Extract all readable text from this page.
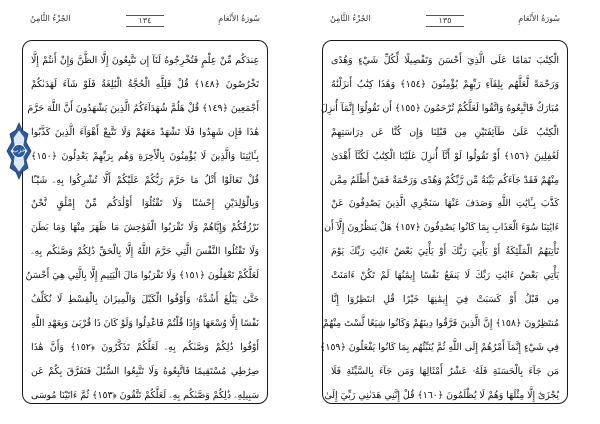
سُورَةُ الأَنْعَامِ
١٣٤
الجُزْءُ الثَّامِنُ	سُورَةُ الأَنْعَامِ
١٣٥
الجُزْءُ الثَّامِنُ
عِندَكُم مِّنْ عِلْمٍ فَتُخْرِجُوهُ لَنَآ إِن تَتَّبِعُونَ إِلَّا الظَّنَّ وَإِنْ أَنتُمْ إِلَّا
تَخْرُصُونَ ﴿١٤٨﴾ قُلْ فَلِلَّهِ الْحُجَّةُ الْبَٰلِغَةُ فَلَوْ شَآءَ لَهَدَىٰكُمْ
أَجْمَعِينَ ﴿١٤٩﴾ قُلْ هَلُمَّ شُهَدَآءَكُمُ الَّذِينَ يَشْهَدُونَ أَنَّ اللَّهَ حَرَّمَ
هَٰذَا فَإِن شَهِدُوا فَلَا تَشْهَدْ مَعَهُمْ وَلَا تَتَّبِعْ أَهْوَآءَ الَّذِينَ كَذَّبُوا
بِـَٔايَٰتِنَا وَالَّذِينَ لَا يُؤْمِنُونَ بِالْأَخِرَةِ وَهُم بِرَبِّهِمْ يَعْدِلُونَ ﴿١٥٠﴾
قُلْ تَعَالَوْا أَتْلُ مَا حَرَّمَ رَبُّكُمْ عَلَيْكُمْ أَلَّا تُشْرِكُوا بِهِۦ شَيْـًٔا
وَبِالْوَٰلِدَيْنِ إِحْسَٰنًا وَلَا تَقْتُلُوٓا أَوْلَٰدَكُم مِّنْ إِمْلَٰقٍ نَّحْنُ
نَرْزُقُكُمْ وَإِيَّاهُمْ وَلَا تَقْرَبُوا الْفَوَٰحِشَ مَا ظَهَرَ مِنْهَا وَمَا بَطَنَ
وَلَا تَقْتُلُوا النَّفْسَ الَّتِي حَرَّمَ اللَّهُ إِلَّا بِالْحَقِّ ذَٰلِكُمْ وَصَّىٰكُم بِهِۦ
لَعَلَّكُمْ تَعْقِلُونَ ﴿١٥١﴾ وَلَا تَقْرَبُوا مَالَ الْيَتِيمِ إِلَّا بِالَّتِي هِيَ أَحْسَنُ
حَتَّىٰ يَبْلُغَ أَشُدَّهُۥ وَأَوْفُوا الْكَيْلَ وَالْمِيزَانَ بِالْقِسْطِ لَا نُكَلِّفُ
نَفْسًا إِلَّا وُسْعَهَا وَإِذَا قُلْتُمْ فَاعْدِلُوا وَلَوْ كَانَ ذَا قُرْبَىٰ وَبِعَهْدِ اللَّهِ
أَوْفُوا ذَٰلِكُمْ وَصَّىٰكُم بِهِۦ لَعَلَّكُمْ تَذَكَّرُونَ ﴿١٥٢﴾ وَأَنَّ هَٰذَا
صِرَٰطِي مُسْتَقِيمًا فَاتَّبِعُوهُ وَلَا تَتَّبِعُوا السُّبُلَ فَتَفَرَّقَ بِكُمْ عَن
سَبِيلِهِۦ ذَٰلِكُمْ وَصَّىٰكُم بِهِۦ لَعَلَّكُمْ تَتَّقُونَ ﴿١٥٣﴾ ثُمَّ ءَاتَيْنَا مُوسَى
الْكِتَٰبَ تَمَامًا عَلَى الَّذِيٓ أَحْسَنَ وَتَفْصِيلًا لِّكُلِّ شَيْءٍ وَهُدًى
وَرَحْمَةً لَّعَلَّهُم بِلِقَآءِ رَبِّهِمْ يُؤْمِنُونَ ﴿١٥٤﴾ وَهَٰذَا كِتَٰبٌ أَنزَلْنَٰهُ
مُبَارَكٌ فَاتَّبِعُوهُ وَاتَّقُوا لَعَلَّكُمْ تُرْحَمُونَ ﴿١٥٥﴾ أَن تَقُولُوٓا إِنَّمَآ أُنزِلَ
الْكِتَٰبُ عَلَىٰ طَآئِفَتَيْنِ مِن قَبْلِنَا وَإِن كُنَّا عَن دِرَاسَتِهِمْ
لَغَٰفِلِينَ ﴿١٥٦﴾ أَوْ تَقُولُوا لَوْ أَنَّآ أُنزِلَ عَلَيْنَا الْكِتَٰبُ لَكُنَّآ أَهْدَىٰ
مِنْهُمْ فَقَدْ جَآءَكُم بَيِّنَةٌ مِّن رَّبِّكُمْ وَهُدًى وَرَحْمَةٌ فَمَنْ أَظْلَمُ مِمَّن
كَذَّبَ بِـَٔايَٰتِ اللَّهِ وَصَدَفَ عَنْهَا سَنَجْزِي الَّذِينَ يَصْدِفُونَ عَنْ
ءَايَٰتِنَا سُوٓءَ الْعَذَابِ بِمَا كَانُوا يَصْدِفُونَ ﴿١٥٧﴾ هَلْ يَنظُرُونَ إِلَّآ أَن
تَأْتِيَهُمُ الْمَلَٰٓئِكَةُ أَوْ يَأْتِيَ رَبُّكَ أَوْ يَأْتِيَ بَعْضُ ءَايَٰتِ رَبِّكَ يَوْمَ
يَأْتِي بَعْضُ ءَايَٰتِ رَبِّكَ لَا يَنفَعُ نَفْسًا إِيمَٰنُهَا لَمْ تَكُنْ ءَامَنَتْ
مِن قَبْلُ أَوْ كَسَبَتْ فِيٓ إِيمَٰنِهَا خَيْرًا قُلِ انتَظِرُوٓا إِنَّا
مُنتَظِرُونَ ﴿١٥٨﴾ إِنَّ الَّذِينَ فَرَّقُوا دِينَهُمْ وَكَانُوا شِيَعًا لَّسْتَ مِنْهُمْ
فِي شَيْءٍ إِنَّمَآ أَمْرُهُمْ إِلَى اللَّهِ ثُمَّ يُنَبِّئُهُم بِمَا كَانُوا يَفْعَلُونَ ﴿١٥٩﴾
مَن جَآءَ بِالْحَسَنَةِ فَلَهُۥ عَشْرُ أَمْثَالِهَا وَمَن جَآءَ بِالسَّيِّئَةِ فَلَا
يُجْزَىٰٓ إِلَّا مِثْلَهَا وَهُمْ لَا يُظْلَمُونَ ﴿١٦٠﴾ قُلْ إِنَّنِي هَدَىٰنِي رَبِّيٓ إِلَىٰ
حزب
